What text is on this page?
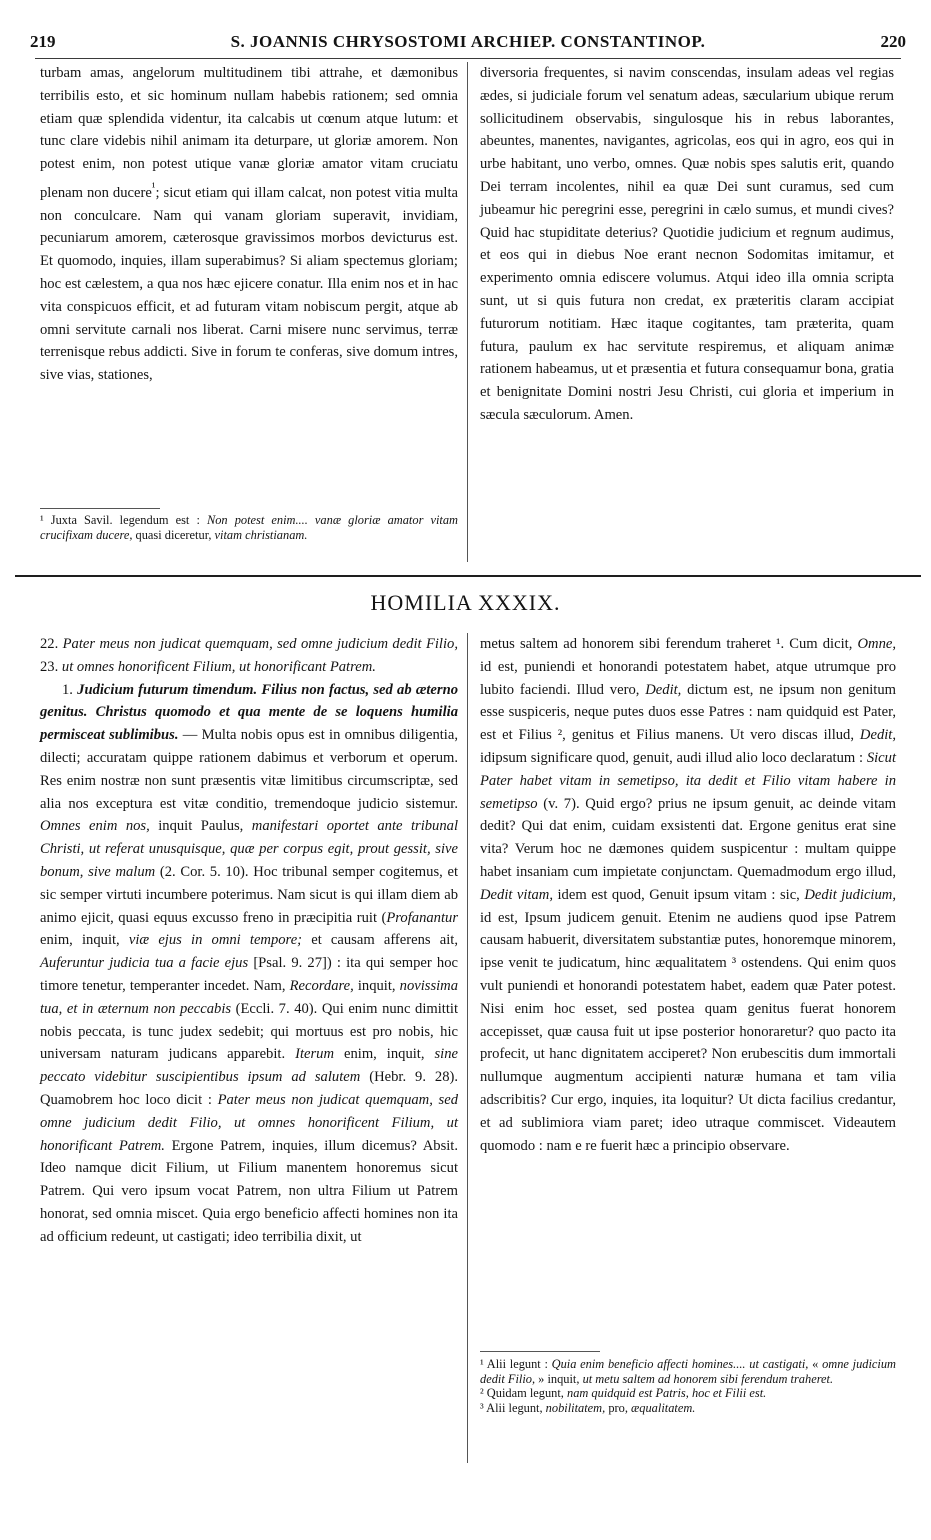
219	S. JOANNIS CHRYSOSTOMI ARCHIEP. CONSTANTINOP.	220

turbam amas, angelorum multitudinem tibi attrahe, et dæmonibus terribilis esto, et sic hominum nullam habebis rationem; sed omnia etiam quæ splendida videntur, ita calcabis ut cœnum atque lutum: et tunc clare videbis nihil animam ita deturpare, ut gloriæ amorem. Non potest enim, non potest utique vanæ gloriæ amator vitam cruciatu plenam non ducere$^{^1}$; sicut etiam qui illam calcat, non potest vitia multa non conculcare. Nam qui vanam gloriam superavit, invidiam, pecuniarum amorem, cæterosque gravissimos morbos devicturus est. Et quomodo, inquies, illam superabimus? Si aliam spectemus gloriam; hoc est cælestem, a qua nos hæc ejicere conatur. Illa enim nos et in hac vita conspicuos efficit, et ad futuram vitam nobiscum pergit, atque ab omni servitute carnali nos liberat. Carni misere nunc servimus, terræ terrenisque rebus addicti. Sive in forum te conferas, sive domum intres, sive vias, stationes,

¹ Juxta Savil. legendum est : Non potest enim.... vanæ gloriæ amator vitam crucifixam ducere, quasi diceretur, vitam christianam.

diversoria frequentes, si navim conscendas, insulam adeas vel regias ædes, si judiciale forum vel senatum adeas, sæcularium ubique rerum sollicitudinem observabis, singulosque his in rebus laborantes, abeuntes, manentes, navigantes, agricolas, eos qui in agro, eos qui in urbe habitant, uno verbo, omnes. Quæ nobis spes salutis erit, quando Dei terram incolentes, nihil ea quæ Dei sunt curamus, sed cum jubeamur hic peregrini esse, peregrini in cælo sumus, et mundi cives? Quid hac stupiditate deterius? Quotidie judicium et regnum audimus, et eos qui in diebus Noe erant necnon Sodomitas imitamur, et experimento omnia ediscere volumus. Atqui ideo illa omnia scripta sunt, ut si quis futura non credat, ex præteritis claram accipiat futurorum notitiam. Hæc itaque cogitantes, tam præterita, quam futura, paulum ex hac servitute respiremus, et aliquam animæ rationem habeamus, ut et præsentia et futura consequamur bona, gratia et benignitate Domini nostri Jesu Christi, cui gloria et imperium in sæcula sæculorum. Amen.

HOMILIA XXXIX.

22. Pater meus non judicat quemquam, sed omne judicium dedit Filio, 23. ut omnes honorificent Filium, ut honorificant Patrem.

1. Judicium futurum timendum. Filius non factus, sed ab æterno genitus. Christus quomodo et qua mente de se loquens humilia permisceat sublimibus. — Multa nobis opus est in omnibus diligentia, dilecti; accuratam quippe rationem dabimus et verborum et operum. Res enim nostræ non sunt præsentis vitæ limitibus circumscriptæ, sed alia nos exceptura est vitæ conditio, tremendoque judicio sistemur. Omnes enim nos, inquit Paulus, manifestari oportet ante tribunal Christi, ut referat unusquisque, quæ per corpus egit, prout gessit, sive bonum, sive malum (2. Cor. 5. 10). Hoc tribunal semper cogitemus, et sic semper virtuti incumbere poterimus. Nam sicut is qui illam diem ab animo ejicit, quasi equus excusso freno in præcipitia ruit (Profanantur enim, inquit, viæ ejus in omni tempore; et causam afferens ait, Auferuntur judicia tua a facie ejus [Psal. 9. 27]) : ita qui semper hoc timore tenetur, temperanter incedet. Nam, Recordare, inquit, novissima tua, et in æternum non peccabis (Eccli. 7. 40). Qui enim nunc dimittit nobis peccata, is tunc judex sedebit; qui mortuus est pro nobis, hic universam naturam judicans apparebit. Iterum enim, inquit, sine peccato videbitur suscipientibus ipsum ad salutem (Hebr. 9. 28). Quamobrem hoc loco dicit : Pater meus non judicat quemquam, sed omne judicium dedit Filio, ut omnes honorificent Filium, ut honorificant Patrem. Ergone Patrem, inquies, illum dicemus? Absit. Ideo namque dicit Filium, ut Filium manentem honoremus sicut Patrem. Qui vero ipsum vocat Patrem, non ultra Filium ut Patrem honorat, sed omnia miscet. Quia ergo beneficio affecti homines non ita ad officium redeunt, ut castigati; ideo terribilia dixit, ut

metus saltem ad honorem sibi ferendum traheret ¹. Cum dicit, Omne, id est, puniendi et honorandi potestatem habet, atque utrumque pro lubito faciendi. Illud vero, Dedit, dictum est, ne ipsum non genitum esse suspiceris, neque putes duos esse Patres : nam quidquid est Pater, est et Filius ², genitus et Filius manens. Ut vero discas illud, Dedit, idipsum significare quod, genuit, audi illud alio loco declaratum : Sicut Pater habet vitam in semetipso, ita dedit et Filio vitam habere in semetipso (v. 7). Quid ergo? prius ne ipsum genuit, ac deinde vitam dedit? Qui dat enim, cuidam exsistenti dat. Ergone genitus erat sine vita? Verum hoc ne dæmones quidem suspicentur : multam quippe habet insaniam cum impietate conjunctam. Quemadmodum ergo illud, Dedit vitam, idem est quod, Genuit ipsum vitam : sic, Dedit judicium, id est, Ipsum judicem genuit. Etenim ne audiens quod ipse Patrem causam habuerit, diversitatem substantiæ putes, honoremque minorem, ipse venit te judicatum, hinc æqualitatem ³ ostendens. Qui enim quos vult puniendi et honorandi potestatem habet, eadem quæ Pater potest. Nisi enim hoc esset, sed postea quam genitus fuerat honorem accepisset, quæ causa fuit ut ipse posterior honoraretur? quo pacto ita profecit, ut hanc dignitatem acciperet? Non erubescitis dum immortali nullumque augmentum accipienti naturæ humana et tam vilia adscribitis? Cur ergo, inquies, ita loquitur? Ut dicta facilius credantur, et ad sublimiora viam paret; ideo utraque commiscet. Videautem quomodo : nam e re fuerit hæc a principio observare.

¹ Alii legunt : Quia enim beneficio affecti homines.... ut castigati, « omne judicium dedit Filio, » inquit, ut metu saltem ad honorem sibi ferendum traheret.

² Quidam legunt, nam quidquid est Patris, hoc et Filii est.

³ Alii legunt, nobilitatem, pro, æqualitatem.
